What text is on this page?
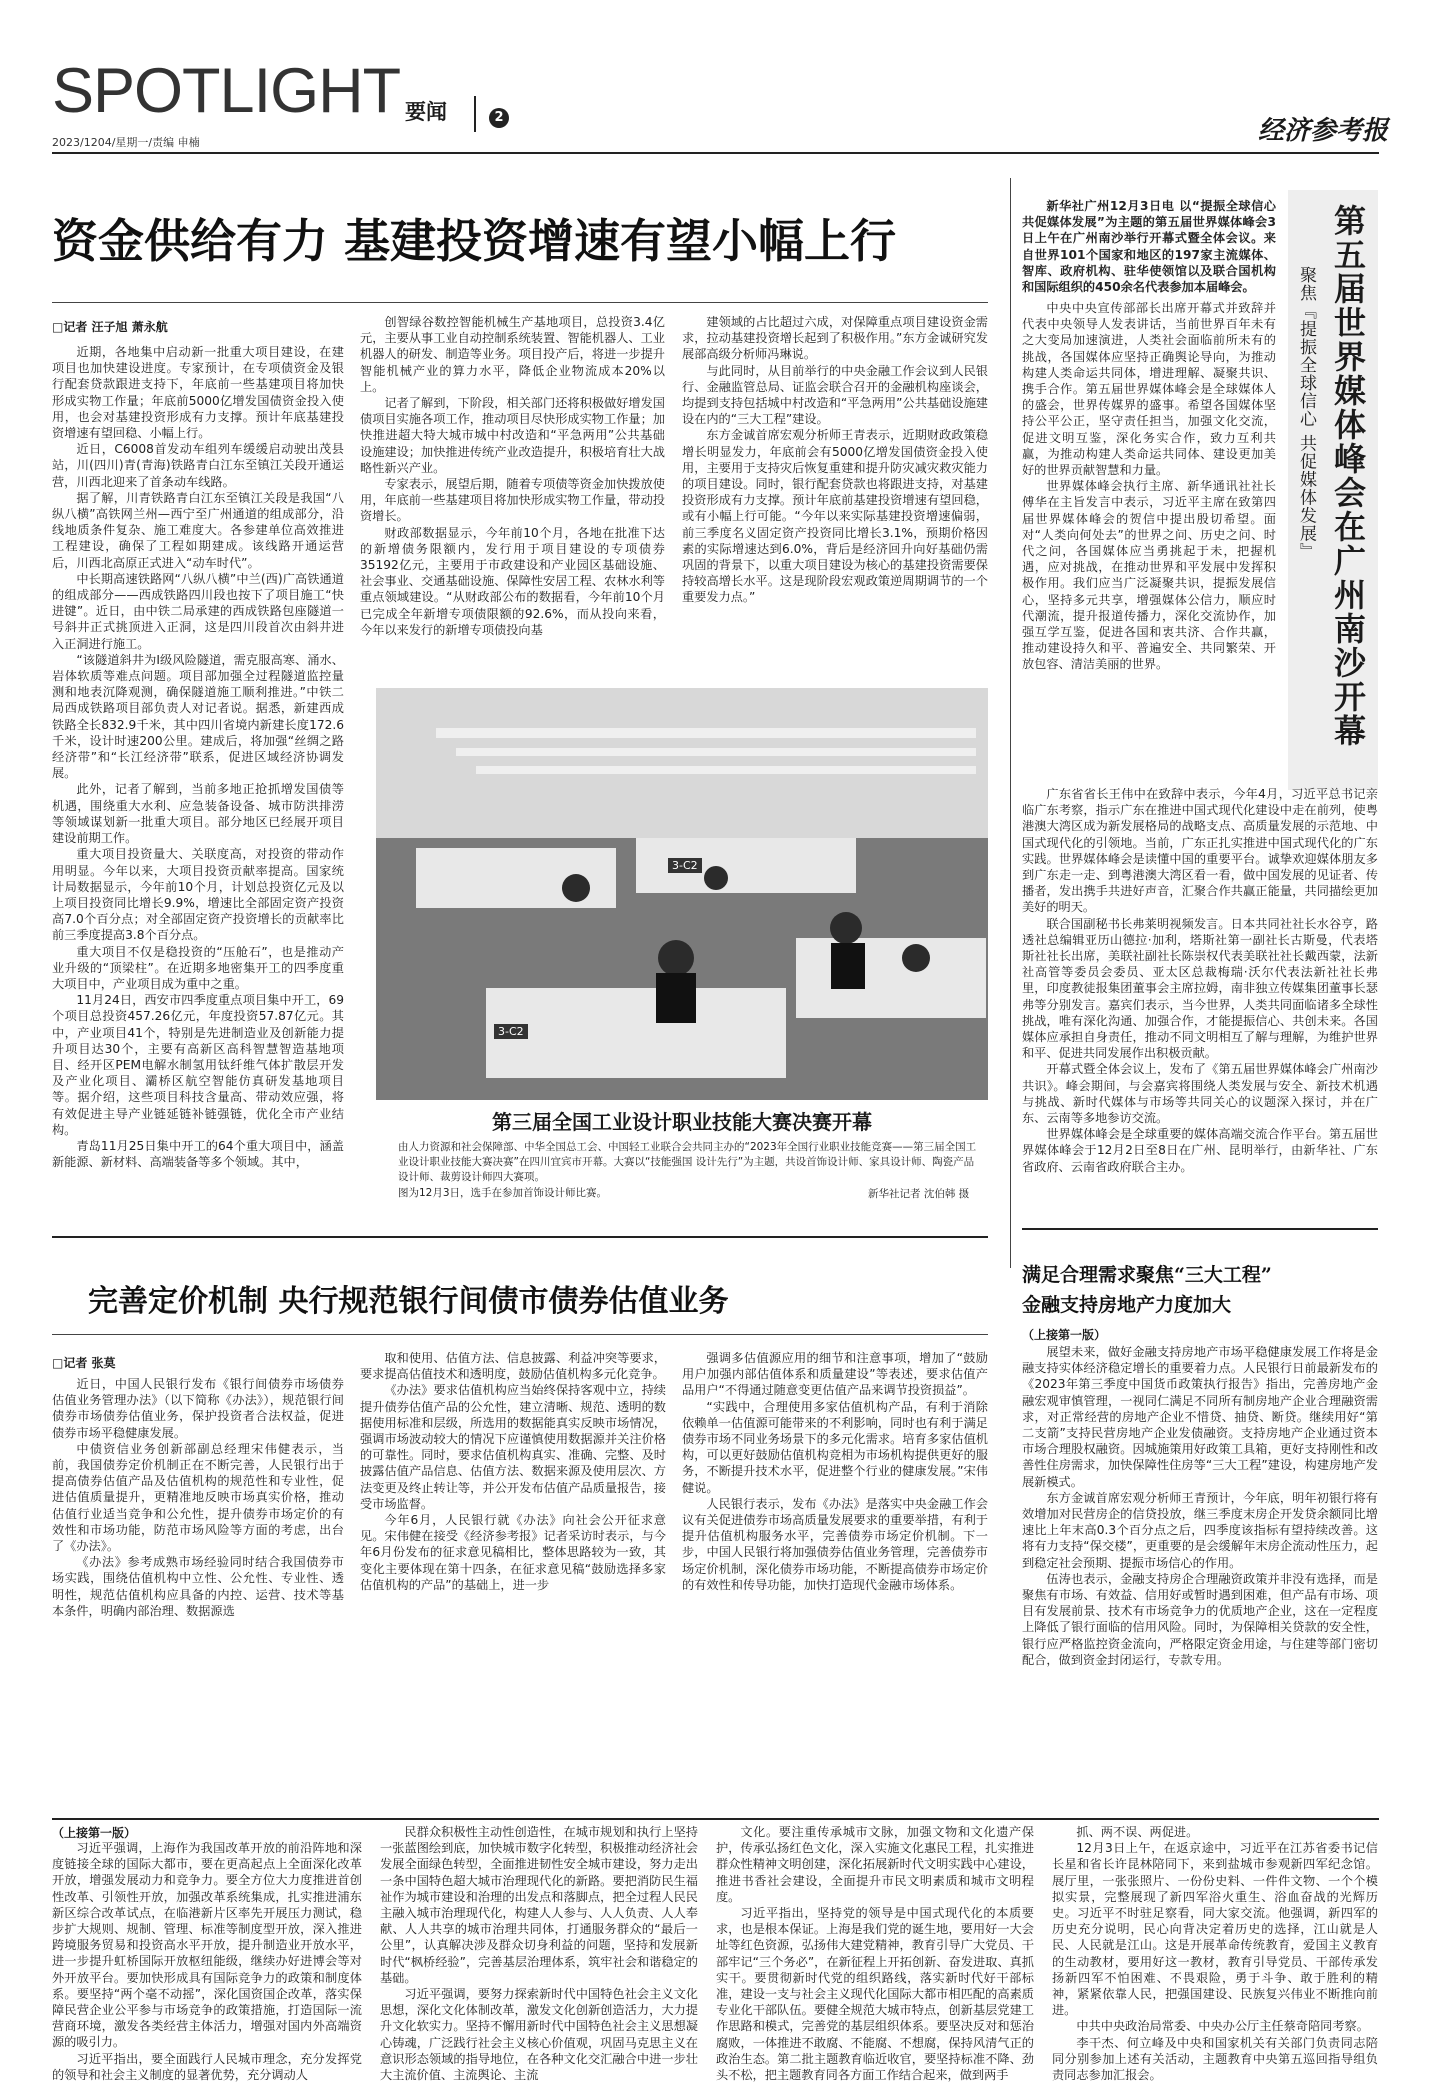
SPOTLIGHT 要闻	2
2023/1204/星期一/责编 申楠	经济参考报
资金供给有力 基建投资增速有望小幅上行
□记者 汪子旭 萧永航

近期，各地集中启动新一批重大项目建设，在建项目也加快建设进度。专家预计，在专项债资金及银行配套贷款跟进支持下，年底前一些基建项目将加快形成实物工作量；年底前5000亿增发国债资金投入使用，也会对基建投资形成有力支撑。预计年底基建投资增速有望回稳、小幅上行。

近日，C6008首发动车组列车缓缓启动驶出茂县站，川(四川)青(青海)铁路青白江东至镇江关段开通运营，川西北迎来了首条动车线路。

据了解，川青铁路青白江东至镇江关段是我国“八纵八横”高铁网兰州—西宁至广州通道的组成部分，沿线地质条件复杂、施工难度大。各参建单位高效推进工程建设，确保了工程如期建成。该线路开通运营后，川西北高原正式进入“动车时代”。

中长期高速铁路网“八纵八横”中兰(西)广高铁通道的组成部分——西成铁路四川段也按下了项目施工“快进键”。近日，由中铁二局承建的西成铁路包座隧道一号斜井正式挑顶进入正洞，这是四川段首次由斜井进入正洞进行施工。

“该隧道斜井为Ⅰ级风险隧道，需克服高寒、涌水、岩体软质等难点问题。项目部加强全过程隧道监控量测和地表沉降观测，确保隧道施工顺利推进。”中铁二局西成铁路项目部负责人对记者说。据悉，新建西成铁路全长832.9千米，其中四川省境内新建长度172.6千米，设计时速200公里。建成后，将加强“丝绸之路经济带”和“长江经济带”联系，促进区域经济协调发展。

此外，记者了解到，当前多地正抢抓增发国债等机遇，围绕重大水利、应急装备设备、城市防洪排涝等领域谋划新一批重大项目。部分地区已经展开项目建设前期工作。

重大项目投资量大、关联度高，对投资的带动作用明显。今年以来，大项目投资贡献率提高。国家统计局数据显示，今年前10个月，计划总投资亿元及以上项目投资同比增长9.9%，增速比全部固定资产投资高7.0个百分点；对全部固定资产投资增长的贡献率比前三季度提高3.8个百分点。

重大项目不仅是稳投资的“压舱石”，也是推动产业升级的“顶梁柱”。在近期多地密集开工的四季度重大项目中，产业项目成为重中之重。

11月24日，西安市四季度重点项目集中开工，69个项目总投资457.26亿元，年度投资57.87亿元。其中，产业项目41个，特别是先进制造业及创新能力提升项目达30个，主要有高新区高科智慧智造基地项目、经开区PEM电解水制氢用钛纤维气体扩散层开发及产业化项目、灞桥区航空智能仿真研发基地项目等。据介绍，这些项目科技含量高、带动效应强，将有效促进主导产业链延链补链强链，优化全市产业结构。

青岛11月25日集中开工的64个重大项目中，涵盖新能源、新材料、高端装备等多个领域。其中，

创智绿谷数控智能机械生产基地项目，总投资3.4亿元，主要从事工业自动控制系统装置、智能机器人、工业机器人的研发、制造等业务。项目投产后，将进一步提升智能机械产业的算力水平，降低企业物流成本20%以上。

记者了解到，下阶段，相关部门还将积极做好增发国债项目实施各项工作，推动项目尽快形成实物工作量；加快推进超大特大城市城中村改造和“平急两用”公共基础设施建设；加快推进传统产业改造提升，积极培育壮大战略性新兴产业。

专家表示，展望后期，随着专项债等资金加快拨放使用，年底前一些基建项目将加快形成实物工作量，带动投资增长。

财政部数据显示，今年前10个月，各地在批准下达的新增债务限额内，发行用于项目建设的专项债券35192亿元，主要用于市政建设和产业园区基础设施、社会事业、交通基础设施、保障性安居工程、农林水利等重点领域建设。“从财政部公布的数据看，今年前10个月已完成全年新增专项债限额的92.6%，而从投向来看，今年以来发行的新增专项债投向基

建领域的占比超过六成，对保障重点项目建设资金需求，拉动基建投资增长起到了积极作用。”东方金诚研究发展部高级分析师冯琳说。

与此同时，从目前举行的中央金融工作会议到人民银行、金融监管总局、证监会联合召开的金融机构座谈会，均提到支持包括城中村改造和“平急两用”公共基础设施建设在内的“三大工程”建设。

东方金诚首席宏观分析师王青表示，近期财政政策稳增长明显发力，年底前会有5000亿增发国债资金投入使用，主要用于支持灾后恢复重建和提升防灾减灾救灾能力的项目建设。同时，银行配套贷款也将跟进支持，对基建投资形成有力支撑。预计年底前基建投资增速有望回稳，或有小幅上行可能。“今年以来实际基建投资增速偏弱，前三季度名义固定资产投资同比增长3.1%，预期价格因素的实际增速达到6.0%，背后是经济回升向好基础仍需巩固的背景下，以重大项目建设为核心的基建投资需要保持较高增长水平。这是现阶段宏观政策逆周期调节的一个重要发力点。”

3-C2
3-C2
第三届全国工业设计职业技能大赛决赛开幕
由人力资源和社会保障部、中华全国总工会、中国轻工业联合会共同主办的“2023年全国行业职业技能竞赛——第三届全国工业设计职业技能大赛决赛”在四川宜宾市开幕。大赛以“技能强国 设计先行”为主题，共设首饰设计师、家具设计师、陶瓷产品设计师、裁剪设计师四大赛项。
图为12月3日，选手在参加首饰设计师比赛。	新华社记者 沈伯韩 摄

新华社广州12月3日电 以“提振全球信心 共促媒体发展”为主题的第五届世界媒体峰会3日上午在广州南沙举行开幕式暨全体会议。来自世界101个国家和地区的197家主流媒体、智库、政府机构、驻华使领馆以及联合国机构和国际组织的450余名代表参加本届峰会。	第五届世界媒体峰会在广州南沙开幕
聚焦『提振全球信心 共促媒体发展』

中央中央宣传部部长出席开幕式并致辞并代表中央领导人发表讲话，当前世界百年未有之大变局加速演进，人类社会面临前所未有的挑战，各国媒体应坚持正确舆论导向，为推动构建人类命运共同体，增进理解、凝聚共识、携手合作。第五届世界媒体峰会是全球媒体人的盛会，世界传媒界的盛事。希望各国媒体坚持公平公正，坚守责任担当，加强文化交流，促进文明互鉴，深化务实合作，致力互利共赢，为推动构建人类命运共同体、建设更加美好的世界贡献智慧和力量。

世界媒体峰会执行主席、新华通讯社社长傅华在主旨发言中表示，习近平主席在致第四届世界媒体峰会的贺信中提出殷切希望。面对“人类向何处去”的世界之问、历史之问、时代之问，各国媒体应当勇挑起于未，把握机遇，应对挑战，在推动世界和平发展中发挥积极作用。我们应当广泛凝聚共识，提振发展信心，坚持多元共享，增强媒体公信力，顺应时代潮流，提升报道传播力，深化交流协作，加强互学互鉴，促进各国和衷共济、合作共赢，推动建设持久和平、普遍安全、共同繁荣、开放包容、清洁美丽的世界。

广东省省长王伟中在致辞中表示，今年4月，习近平总书记亲临广东考察，指示广东在推进中国式现代化建设中走在前列，使粤港澳大湾区成为新发展格局的战略支点、高质量发展的示范地、中国式现代化的引领地。当前，广东正扎实推进中国式现代化的广东实践。世界媒体峰会是读懂中国的重要平台。诚挚欢迎媒体朋友多到广东走一走、到粤港澳大湾区看一看，做中国发展的见证者、传播者，发出携手共进好声音，汇聚合作共赢正能量，共同描绘更加美好的明天。

联合国副秘书长弗莱明视频发言。日本共同社社长水谷亨，路透社总编辑亚历山德拉·加利，塔斯社第一副社长古斯曼，代表塔斯社社长出席，美联社副社长陈崇权代表美联社社长戴西蒙，法新社高管等委员会委员、亚太区总裁梅瑞·沃尔代表法新社社长弗里，印度教徒报集团董事会主席拉姆，南非独立传媒集团董事长瑟弗等分别发言。嘉宾们表示，当今世界，人类共同面临诸多全球性挑战，唯有深化沟通、加强合作，才能提振信心、共创未来。各国媒体应承担自身责任，推动不同文明相互了解与理解，为维护世界和平、促进共同发展作出积极贡献。

开幕式暨全体会议上，发布了《第五届世界媒体峰会广州南沙共识》。峰会期间，与会嘉宾将围绕人类发展与安全、新技术机遇与挑战、新时代媒体与市场等共同关心的议题深入探讨，并在广东、云南等多地参访交流。

世界媒体峰会是全球重要的媒体高端交流合作平台。第五届世界媒体峰会于12月2日至8日在广州、昆明举行，由新华社、广东省政府、云南省政府联合主办。

满足合理需求聚焦“三大工程”
金融支持房地产力度加大
（上接第一版）

展望未来，做好金融支持房地产市场平稳健康发展工作将是金融支持实体经济稳定增长的重要着力点。人民银行日前最新发布的《2023年第三季度中国货币政策执行报告》指出，完善房地产金融宏观审慎管理，一视同仁满足不同所有制房地产企业合理融资需求，对正常经营的房地产企业不惜贷、抽贷、断贷。继续用好“第二支箭”支持民营房地产企业发债融资。支持房地产企业通过资本市场合理股权融资。因城施策用好政策工具箱，更好支持刚性和改善性住房需求，加快保障性住房等“三大工程”建设，构建房地产发展新模式。

东方金诚首席宏观分析师王青预计，今年底，明年初银行将有效增加对民营房企的信贷投放，继三季度末房企开发贷余额同比增速比上年末高0.3个百分点之后，四季度该指标有望持续改善。这将有力支持“保交楼”，更重要的是会缓解年末房企流动性压力，起到稳定社会预期、提振市场信心的作用。

伍涛也表示，金融支持房企合理融资政策并非没有选择，而是聚焦有市场、有效益、信用好或暂时遇到困难，但产品有市场、项目有发展前景、技术有市场竞争力的优质地产企业，这在一定程度上降低了银行面临的信用风险。同时，为保障相关贷款的安全性，银行应严格监控资金流向，严格限定资金用途，与住建等部门密切配合，做到资金封闭运行，专款专用。

完善定价机制 央行规范银行间债市债券估值业务
□记者 张莫

近日，中国人民银行发布《银行间债券市场债券估值业务管理办法》（以下简称《办法》），规范银行间债券市场债券估值业务，保护投资者合法权益，促进债券市场平稳健康发展。

中债资信业务创新部副总经理宋伟健表示，当前，我国债券定价机制正在不断完善，人民银行出于提高债券估值产品及估值机构的规范性和专业性，促进估值质量提升，更精准地反映市场真实价格，推动估值行业适当竞争和公允性，提升债券市场定价的有效性和市场功能，防范市场风险等方面的考虑，出台了《办法》。

《办法》参考成熟市场经验同时结合我国债券市场实践，围绕估值机构中立性、公允性、专业性、透明性，规范估值机构应具备的内控、运营、技术等基本条件，明确内部治理、数据源选

取和使用、估值方法、信息披露、利益冲突等要求，要求提高估值技术和透明度，鼓励估值机构多元化竞争。

《办法》要求估值机构应当始终保持客观中立，持续提升债券估值产品的公允性，建立清晰、规范、透明的数据使用标准和层级，所选用的数据能真实反映市场情况，强调市场波动较大的情况下应谨慎使用数据源并关注价格的可靠性。同时，要求估值机构真实、准确、完整、及时披露估值产品信息、估值方法、数据来源及使用层次、方法变更及终止转让等，并公开发布估值产品质量报告，接受市场监督。

今年6月，人民银行就《办法》向社会公开征求意见。宋伟健在接受《经济参考报》记者采访时表示，与今年6月份发布的征求意见稿相比，整体思路较为一致，其变化主要体现在第十四条，在征求意见稿“鼓励选择多家估值机构的产品”的基础上，进一步

强调多估值源应用的细节和注意事项，增加了“鼓励用户加强内部估值体系和质量建设”等表述，要求估值产品用户“不得通过随意变更估值产品来调节投资损益”。

“实践中，合理使用多家估值机构产品，有利于消除依赖单一估值源可能带来的不利影响，同时也有利于满足债券市场不同业务场景下的多元化需求。培育多家估值机构，可以更好鼓励估值机构竞相为市场机构提供更好的服务，不断提升技术水平，促进整个行业的健康发展。”宋伟健说。

人民银行表示，发布《办法》是落实中央金融工作会议有关促进债券市场高质量发展要求的重要举措，有利于提升估值机构服务水平，完善债券市场定价机制。下一步，中国人民银行将加强债券估值业务管理，完善债券市场定价机制，深化债券市场功能，不断提高债券市场定价的有效性和传导功能，加快打造现代金融市场体系。

（上接第一版）

习近平强调，上海作为我国改革开放的前沿阵地和深度链接全球的国际大都市，要在更高起点上全面深化改革开放，增强发展动力和竞争力。要全方位大力度推进首创性改革、引领性开放，加强改革系统集成，扎实推进浦东新区综合改革试点，在临港新片区率先开展压力测试，稳步扩大规则、规制、管理、标准等制度型开放，深入推进跨境服务贸易和投资高水平开放，提升制造业开放水平，进一步提升虹桥国际开放枢纽能级，继续办好进博会等对外开放平台。要加快形成具有国际竞争力的政策和制度体系。要坚持“两个毫不动摇”，深化国资国企改革，落实保障民营企业公平参与市场竞争的政策措施，打造国际一流营商环境，激发各类经营主体活力，增强对国内外高端资源的吸引力。

习近平指出，要全面践行人民城市理念，充分发挥党的领导和社会主义制度的显著优势，充分调动人

民群众积极性主动性创造性，在城市规划和执行上坚持一张蓝图绘到底，加快城市数字化转型，积极推动经济社会发展全面绿色转型，全面推进韧性安全城市建设，努力走出一条中国特色超大城市治理现代化的新路。要把消防民生福祉作为城市建设和治理的出发点和落脚点，把全过程人民民主融入城市治理现代化，构建人人参与、人人负责、人人奉献、人人共享的城市治理共同体，打通服务群众的“最后一公里”，认真解决涉及群众切身利益的问题，坚持和发展新时代“枫桥经验”，完善基层治理体系，筑牢社会和谐稳定的基础。

习近平强调，要努力探索新时代中国特色社会主义文化思想，深化文化体制改革，激发文化创新创造活力，大力提升文化软实力。坚持不懈用新时代中国特色社会主义思想凝心铸魂，广泛践行社会主义核心价值观，巩固马克思主义在意识形态领域的指导地位，在各种文化交汇融合中进一步壮大主流价值、主流舆论、主流

文化。要注重传承城市文脉，加强文物和文化遗产保护，传承弘扬红色文化，深入实施文化惠民工程，扎实推进群众性精神文明创建，深化拓展新时代文明实践中心建设，推进书香社会建设，全面提升市民文明素质和城市文明程度。

习近平指出，坚持党的领导是中国式现代化的本质要求，也是根本保证。上海是我们党的诞生地，要用好一大会址等红色资源，弘扬伟大建党精神，教育引导广大党员、干部牢记“三个务必”，在新征程上开拓创新、奋发进取、真抓实干。要贯彻新时代党的组织路线，落实新时代好干部标准，建设一支与社会主义现代化国际大都市相匹配的高素质专业化干部队伍。要健全规范大城市特点，创新基层党建工作思路和模式，完善党的基层组织体系。要坚决反对和惩治腐败，一体推进不敢腐、不能腐、不想腐，保持风清气正的政治生态。第二批主题教育临近收官，要坚持标准不降、劲头不松，把主题教育同各方面工作结合起来，做到两手

抓、两不误、两促进。

12月3日上午，在返京途中，习近平在江苏省委书记信长星和省长许昆林陪同下，来到盐城市参观新四军纪念馆。展厅里，一张张照片、一份份史料、一件件文物、一个个模拟实景，完整展现了新四军浴火重生、浴血奋战的光辉历史。习近平不时驻足察看，同大家交流。他强调，新四军的历史充分说明，民心向背决定着历史的选择，江山就是人民、人民就是江山。这是开展革命传统教育，爱国主义教育的生动教材，要用好这一教材，教育引导党员、干部传承发扬新四军不怕困难、不畏艰险，勇于斗争、敢于胜利的精神，紧紧依靠人民，把强国建设、民族复兴伟业不断推向前进。

中共中央政治局常委、中央办公厅主任蔡奇陪同考察。

李干杰、何立峰及中央和国家机关有关部门负责同志陪同分别参加上述有关活动，主题教育中央第五巡回指导组负责同志参加汇报会。
